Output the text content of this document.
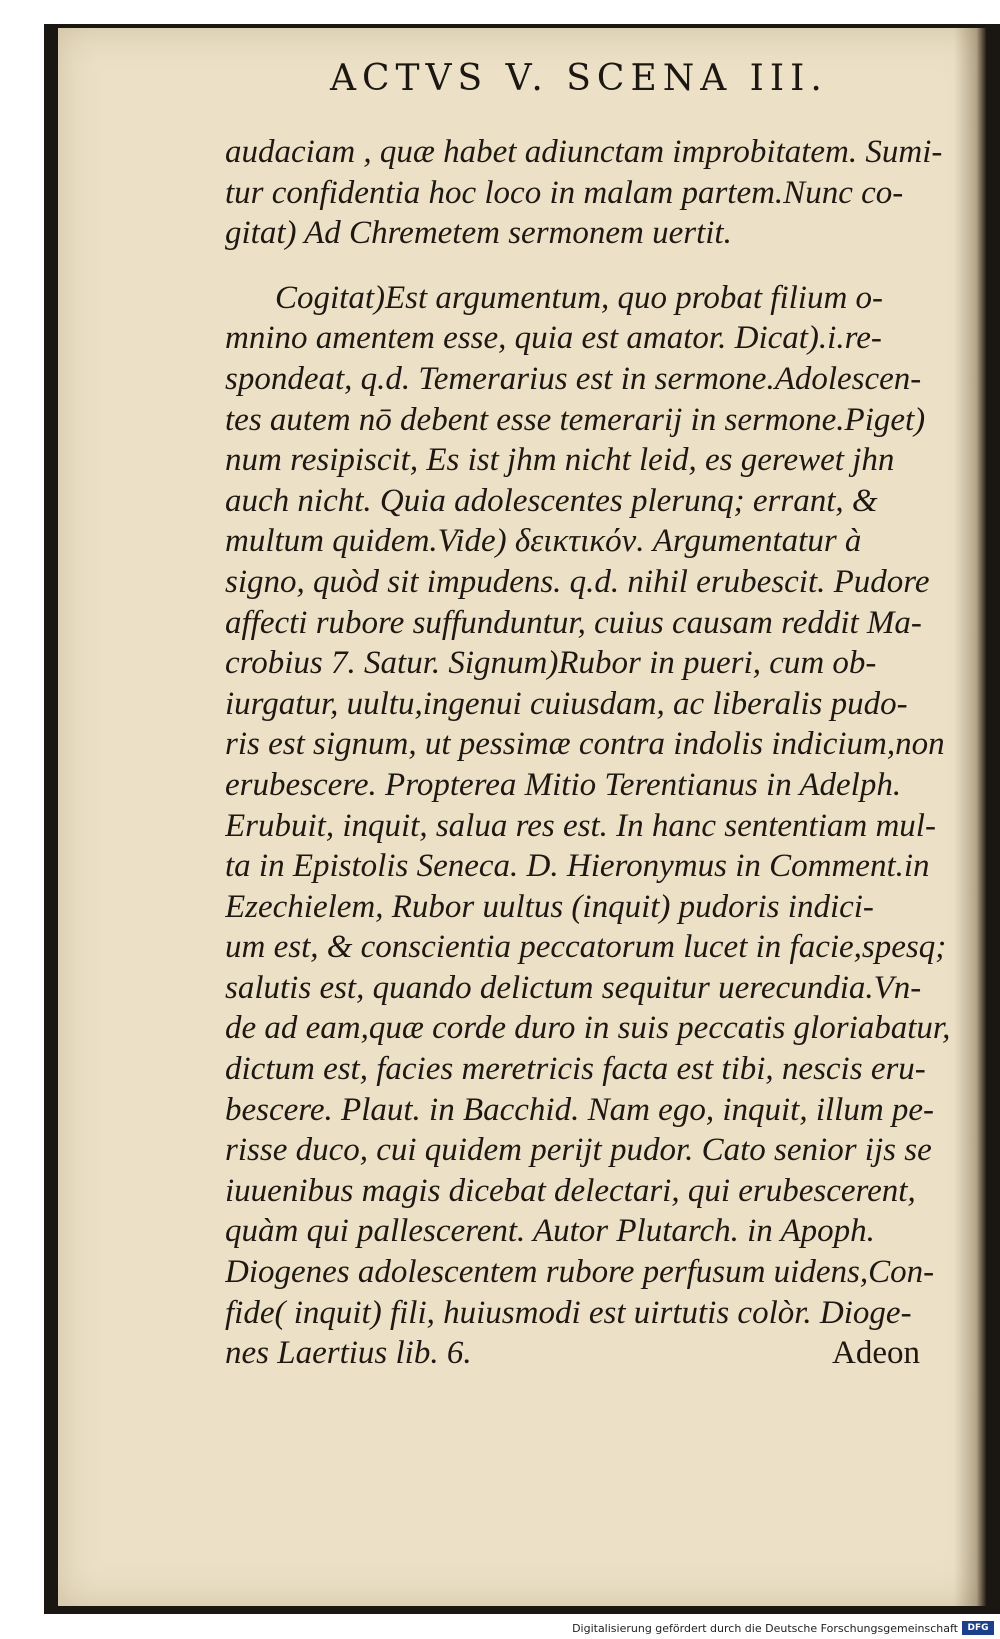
ACTVS V. SCENA III.
audaciam , quæ habet adiunctam improbitatem. Sumi-
tur confidentia hoc loco in malam partem.Nunc co-
gitat) Ad Chremetem sermonem uertit.
Cogitat)Est argumentum, quo probat filium o-
mnino amentem esse, quia est amator. Dicat).i.re-
spondeat, q.d. Temerarius est in sermone.Adolescen-
tes autem nō debent esse temerarij in sermone.Piget)
num resipiscit, Es ist jhm nicht leid, es gerewet jhn
auch nicht. Quia adolescentes plerunq; errant, &
multum quidem.Vide) δεικτικόν. Argumentatur à
signo, quòd sit impudens. q.d. nihil erubescit. Pudore
affecti rubore suffunduntur, cuius causam reddit Ma-
crobius 7. Satur. Signum)Rubor in pueri, cum ob-
iurgatur, uultu,ingenui cuiusdam, ac liberalis pudo-
ris est signum, ut pessimæ contra indolis indicium,non
erubescere. Propterea Mitio Terentianus in Adelph.
Erubuit, inquit, salua res est. In hanc sententiam mul-
ta in Epistolis Seneca. D. Hieronymus in Comment.in
Ezechielem, Rubor uultus (inquit) pudoris indici-
um est, & conscientia peccatorum lucet in facie,spesq;
salutis est, quando delictum sequitur uerecundia.Vn-
de ad eam,quæ corde duro in suis peccatis gloriabatur,
dictum est, facies meretricis facta est tibi, nescis eru-
bescere. Plaut. in Bacchid. Nam ego, inquit, illum pe-
risse duco, cui quidem perijt pudor. Cato senior ijs se
iuuenibus magis dicebat delectari, qui erubescerent,
quàm qui pallescerent. Autor Plutarch. in Apoph.
Diogenes adolescentem rubore perfusum uidens,Con-
fide( inquit) fili, huiusmodi est uirtutis colòr. Dioge-
nes Laertius lib. 6.	Adeon
Digitalisierung gefördert durch die Deutsche Forschungsgemeinschaft	DFG
